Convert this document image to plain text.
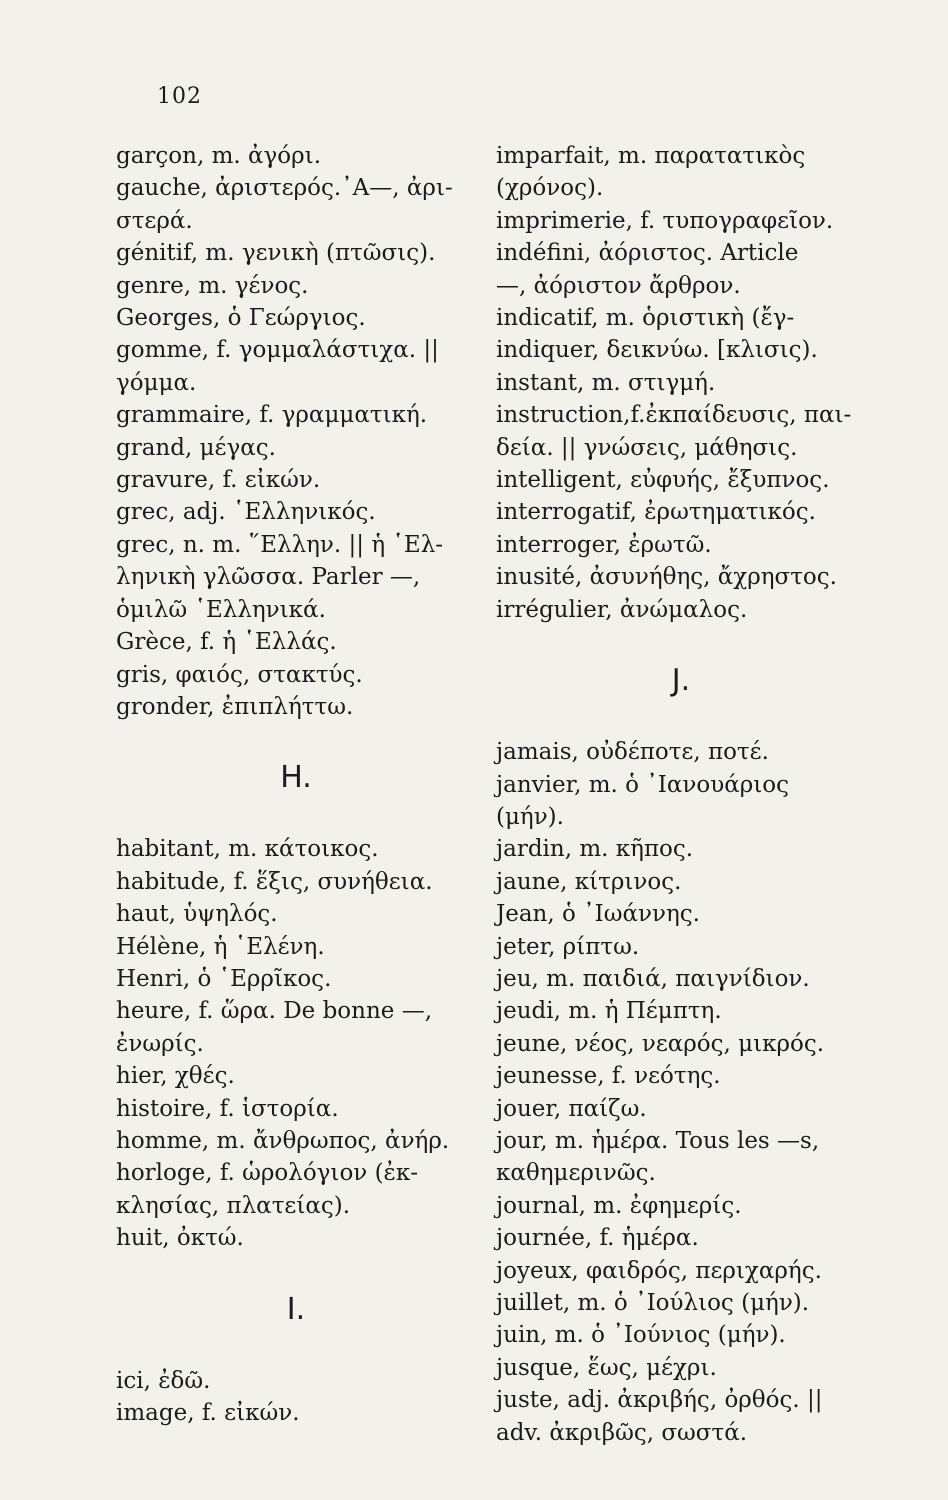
102

garçon, m. ἀγόρι.

gauche, ἀριστερός.᾿Α—, ἀρι-
στερά.

génitif, m. γενικὴ (πτῶσις).

genre, m. γένος.

Georges, ὁ Γεώργιος.

gomme, f. γομμαλάστιχα. ||
γόμμα.

grammaire, f. γραμματική.

grand, μέγας.

gravure, f. εἰκών.

grec, adj. ῾Ελληνικός.

grec, n. m. ῞Ελλην. || ἡ ῾Ελ-
ληνικὴ γλῶσσα. Parler —,
ὁμιλῶ ῾Ελληνικά.

Grèce, f. ἡ ῾Ελλάς.

gris, φαιός, στακτύς.

gronder, ἐπιπλήττω.

H.

habitant, m. κάτοικος.

habitude, f. ἕξις, συνήθεια.

haut, ὑψηλός.

Hélène, ἡ ῾Ελένη.

Henri, ὁ ῾Ερρῖκος.

heure, f. ὥρα. De bonne —,
ἐνωρίς.

hier, χθές.

histoire, f. ἱστορία.

homme, m. ἄνθρωπος, ἀνήρ.

horloge, f. ὡρολόγιον (ἐκ-
κλησίας, πλατείας).

huit, ὀκτώ.

I.

ici, ἐδῶ.

image, f. εἰκών.

imparfait, m. παρατατικὸς
(χρόνος).

imprimerie, f. τυπογραφεῖον.

indéfini, ἀόριστος. Article
—, ἀόριστον ἄρθρον.

indicatif, m. ὁριστικὴ (ἔγ-

indiquer, δεικνύω. [κλισις).

instant, m. στιγμή.

instruction,f.ἐκπαίδευσις, παι-
δεία. || γνώσεις, μάθησις.

intelligent, εὐφυής, ἔξυπνος.

interrogatif, ἐρωτηματικός.

interroger, ἐρωτῶ.

inusité, ἀσυνήθης, ἄχρηστος.

irrégulier, ἀνώμαλος.

J.

jamais, οὐδέποτε, ποτέ.

janvier, m. ὁ ᾿Ιανουάριος
(μήν).

jardin, m. κῆπος.

jaune, κίτρινος.

Jean, ὁ ᾿Ιωάννης.

jeter, ρίπτω.

jeu, m. παιδιά, παιγνίδιον.

jeudi, m. ἡ Πέμπτη.

jeune, νέος, νεαρός, μικρός.

jeunesse, f. νεότης.

jouer, παίζω.

jour, m. ἡμέρα. Tous les —s,
καθημερινῶς.

journal, m. ἐφημερίς.

journée, f. ἡμέρα.

joyeux, φαιδρός, περιχαρής.

juillet, m. ὁ ᾿Ιούλιος (μήν).

juin, m. ὁ ᾿Ιούνιος (μήν).

jusque, ἕως, μέχρι.

juste, adj. ἀκριβής, ὀρθός. ||
adv. ἀκριβῶς, σωστά.
